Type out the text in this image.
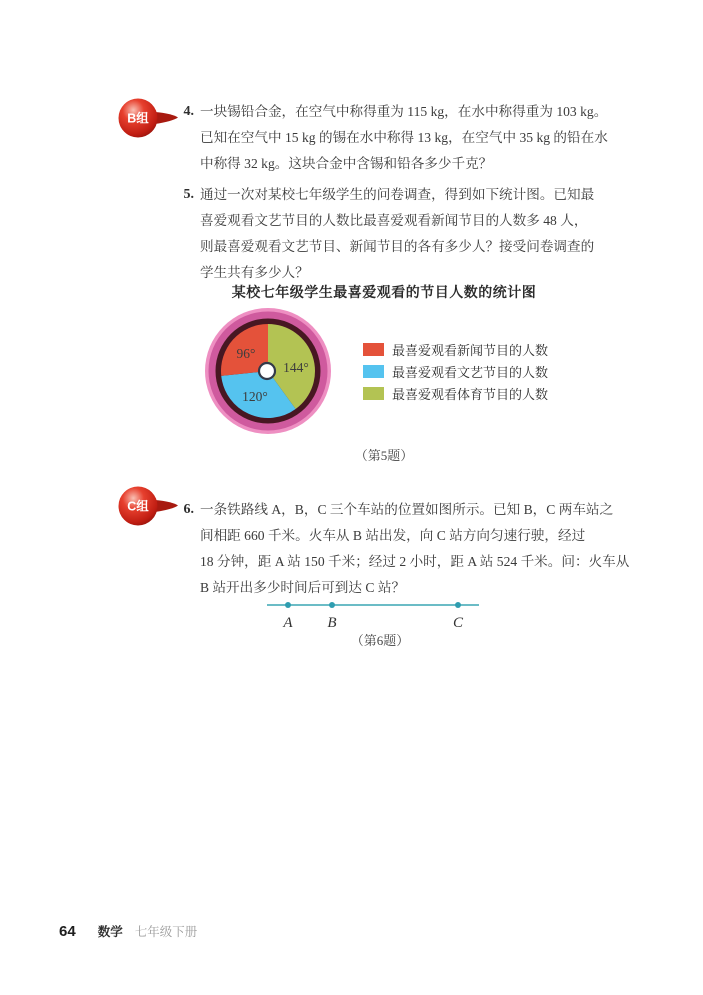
B组	4. 一块锡铅合金，在空气中称得重为 115 kg，在水中称得重为 103 kg。
已知在空气中 15 kg 的锡在水中称得 13 kg，在空气中 35 kg 的铅在水
中称得 32 kg。这块合金中含锡和铅各多少千克？
5. 通过一次对某校七年级学生的问卷调查，得到如下统计图。已知最
喜爱观看文艺节目的人数比最喜爱观看新闻节目的人数多 48 人，
则最喜爱观看文艺节目、新闻节目的各有多少人？接受问卷调查的
学生共有多少人？
某校七年级学生最喜爱观看的节目人数的统计图
96°
144°
120°
最喜爱观看新闻节目的人数
最喜爱观看文艺节目的人数
最喜爱观看体育节目的人数
（第5题）
C组	6. 一条铁路线 A，B，C 三个车站的位置如图所示。已知 B，C 两车站之
间相距 660 千米。火车从 B 站出发，向 C 站方向匀速行驶，经过
18 分钟，距 A 站 150 千米；经过 2 小时，距 A 站 524 千米。问：火车从
B 站开出多少时间后可到达 C 站？
A B	C
（第6题）
64 数学 七年级下册
